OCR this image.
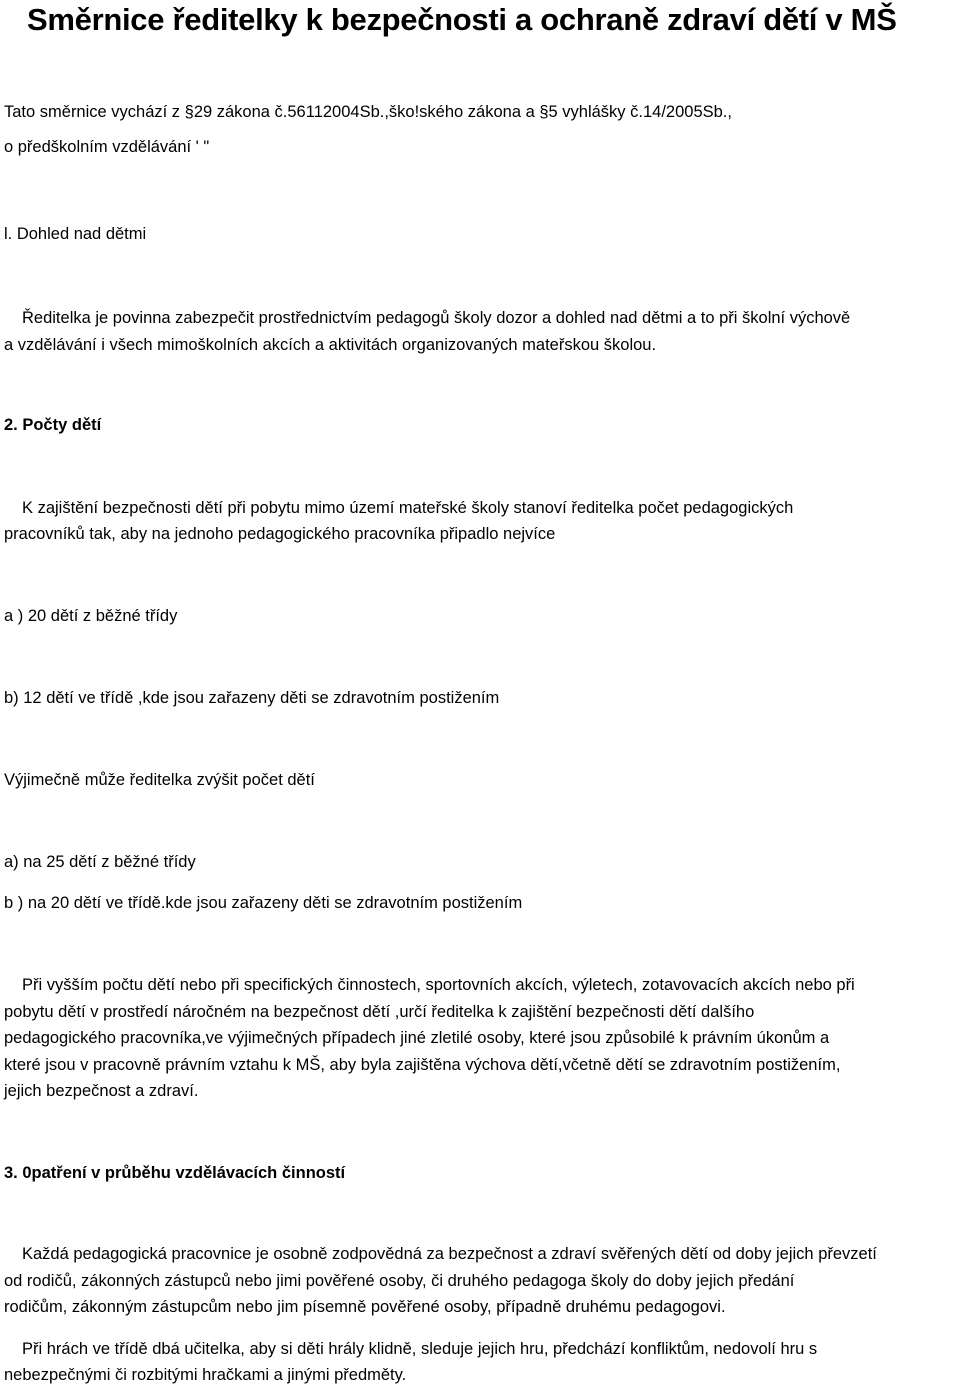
Směrnice ředitelky k bezpečnosti a ochraně zdraví dětí v MŠ

Tato směrnice vychází z §29 zákona č.56112004Sb.,ško!ského zákona a §5 vyhlášky č.14/2005Sb.,

o předškolním vzdělávání ' "

l. Dohled nad dětmi

Ředitelka je povinna zabezpečit prostřednictvím pedagogů školy dozor a dohled nad dětmi a to při školní výchově

a vzdělávání i všech mimoškolních akcích a aktivitách organizovaných mateřskou školou.

2. Počty dětí

K zajištění bezpečnosti dětí při pobytu mimo území mateřské školy stanoví ředitelka počet pedagogických

pracovníků tak, aby na jednoho pedagogického pracovníka připadlo nejvíce

a ) 20 dětí z běžné třídy

b) 12 dětí ve třídě ,kde jsou zařazeny děti se zdravotním postižením

Výjimečně může ředitelka zvýšit počet dětí

a) na 25 dětí z běžné třídy

b ) na 20 dětí ve třídě.kde jsou zařazeny děti se zdravotním postižením

Při vyšším počtu dětí nebo při specifických činnostech, sportovních akcích, výletech, zotavovacích akcích nebo při

pobytu dětí v prostředí náročném na bezpečnost dětí ,určí ředitelka k zajištění bezpečnosti dětí dalšího

pedagogického pracovníka,ve výjimečných případech jiné zletilé osoby, které jsou způsobilé k právním úkonům a

které jsou v pracovně právním vztahu k MŠ, aby byla zajištěna výchova dětí,včetně dětí se zdravotním postižením,

jejich bezpečnost a zdraví.

3. 0patření v průběhu vzdělávacích činností

Každá pedagogická pracovnice je osobně zodpovědná za bezpečnost a zdraví svěřených dětí od doby jejich převzetí

od rodičů, zákonných zástupců nebo jimi pověřené osoby, či druhého pedagoga školy do doby jejich předání

rodičům, zákonným zástupcům nebo jim písemně pověřené osoby, případně druhému pedagogovi.

Při hrách ve třídě dbá učitelka, aby si děti hrály klidně, sleduje jejich hru, předchází konfliktům, nedovolí hru s

nebezpečnými či rozbitými hračkami a jinými předměty.
